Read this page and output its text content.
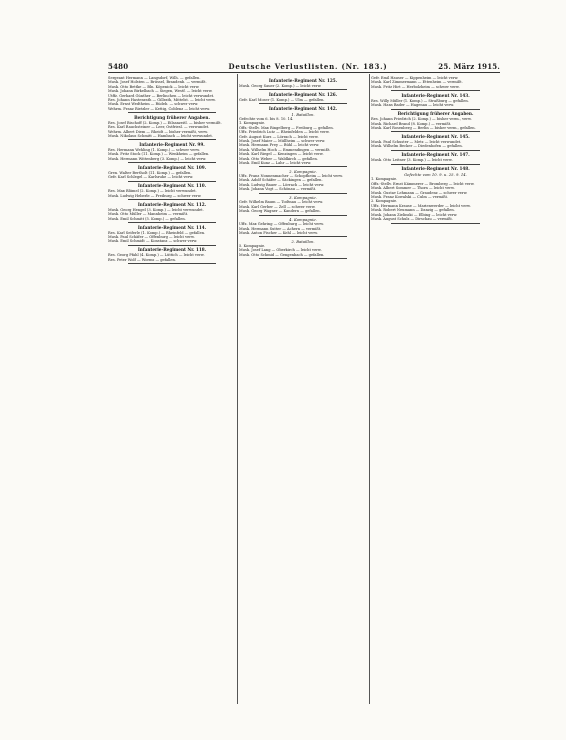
5480	Deutsche Verlustlisten. (Nr. 183.)	25. März 1915.
Sergeant Hermann — Langsdorf, Wilh. — gefallen.
Musk. Josef Holsten — Brüssel, Brandenb. — vermißt.
Musk. Otto Bettke — Bln. Köpenick — leicht verw.
Musk. Johann Birkelbach — Siegen, Westf. — leicht verw.
Utffz. Gerhard Günther — Berlinchen — leicht verwundet.
Res. Johann Hastenrath — Gillrath, Mittelst. — leicht verw.
Musk. Ernst Wedtheim — Rüdeb. — schwer verw.
Wehrm. Franz Rietzler — Kettig, Coblenz — leicht verw.
Berichtigung früherer Angaben.
Res. Josef Bischoff (2. Komp.) — Eilsanzeitl. — bisher vermißt.
Res. Karl Rauchsteiner — Leer, Ostfriesl. — verwundet.
Wehrm. Albert Diem — Rheidt — bisher vermißt, verw.
Musk. Nikolaus Schmitt — Hambach — leicht verwundet.
Infanterie-Regiment Nr. 99.
Res. Hermann Wehling (1. Komp.) — schwer verw.
Musk. Fritz Stock (11. Komp.) — Wenkheim — gefallen.
Musk. Hermann Wittenberg (3. Komp.) — leicht verw.
Infanterie-Regiment Nr. 109.
Gren. Walter Bertholt (11. Komp.) — gefallen.
Gefr. Karl Schlegel — Karlsruhe — leicht verw.
Infanterie-Regiment Nr. 110.
Res. Max Blümel (2. Komp.) — leicht verwundet.
Musk. Ludwig Heberle — Freiburg — schwer verw.
Infanterie-Regiment Nr. 112.
Musk. Georg Hengel (3. Komp.) — leicht verwundet.
Musk. Otto Müller — Mannheim — vermißt.
Musk. Emil Schmitt (5. Komp.) — gefallen.
Infanterie-Regiment Nr. 114.
Res. Karl Seiferle (1. Komp.) — Rheinfeld — gefallen.
Musk. Paul Schäfer — Offenburg — leicht verw.
Musk. Emil Schmidt — Konstanz — schwer verw.
Infanterie-Regiment Nr. 118.
Res. Georg Pfahl (4. Komp.) — Lüttich — leicht verw.
Res. Peter Wolf — Worms — gefallen.
Infanterie-Regiment Nr. 125.
Musk. Georg Sauer (2. Komp.) — leicht verw.
Infanterie-Regiment Nr. 126.
Gefr. Karl Moser (1. Komp.) — Ulm — gefallen.
Infanterie-Regiment Nr. 142.
1. Bataillon.
Gefechte vom 6. bis 8. 10. 14.
1. Kompagnie.
Offz.-Stellv. Max Ringelberg — Freiburg — gefallen.
Uffz. Friedrich Lutz — Rheinfelden — leicht verw.
Gefr. August Kurz — Lörrach — leicht verw.
Musk. Josef Maier — Müllheim — schwer verw.
Musk. Hermann Frey — Bühl — leicht verw.
Musk. Wilhelm Hoch — Emmendingen — vermißt.
Musk. Karl Riegel — Kenzingen — leicht verw.
Musk. Otto Weber — Waldkirch — gefallen.
Musk. Emil Kunz — Lahr — leicht verw.
2. Kompagnie.
Uffz. Franz Nonnenmacher — Schopfheim — leicht verw.
Musk. Adolf Schäfer — Säckingen — gefallen.
Musk. Ludwig Bauer — Lörrach — leicht verw.
Musk. Johann Vogt — Schönau — vermißt.
3. Kompagnie.
Gefr. Wilhelm Baum — Todtnau — leicht verw.
Musk. Karl Gerber — Zell — schwer verw.
Musk. Georg Wagner — Kandern — gefallen.
4. Kompagnie.
Uffz. Max Gehring — Offenburg — leicht verw.
Musk. Hermann Sutter — Achern — vermißt.
Musk. Anton Fischer — Kehl — leicht verw.
2. Bataillon.
5. Kompagnie.
Musk. Josef Lang — Oberkirch — leicht verw.
Musk. Otto Schmid — Gengenbach — gefallen.
Gefr. Emil Hauser — Kippenheim — leicht verw.
Musk. Karl Zimmermann — Ettenheim — vermißt.
Musk. Fritz Hirt — Herbolzheim — schwer verw.
Infanterie-Regiment Nr. 143.
Res. Willy Müller (1. Komp.) — Straßburg — gefallen.
Musk. Hans Bader — Hagenau — leicht verw.
Berichtigung früherer Angaben.
Res. Johann Friedrich (2. Komp.) — bisher verm., verw.
Musk. Richard Brand (8. Komp.) — vermißt.
Musk. Karl Rosenberg — Berlin — bisher verm., gefallen.
Infanterie-Regiment Nr. 145.
Musk. Paul Schuster — Metz — leicht verwundet.
Musk. Wilhelm Becker — Diedenhofen — gefallen.
Infanterie-Regiment Nr. 147.
Musk. Otto Leitner (3. Komp.) — leicht verw.
Infanterie-Regiment Nr. 148.
Gefechte vom 10. 9. u. 25. 9. 14.
1. Kompagnie.
Offz.-Stellv. Ernst Kämmerer — Bromberg — leicht verw.
Musk. Albert Sommer — Thorn — leicht verw.
Musk. Gustav Lehmann — Graudenz — schwer verw.
Musk. Franz Kowalski — Culm — vermißt.
2. Kompagnie.
Uffz. Hermann Krause — Marienwerder — leicht verw.
Musk. Robert Neumann — Danzig — gefallen.
Musk. Johann Zielinski — Elbing — leicht verw.
Musk. August Schulz — Dirschau — vermißt.
